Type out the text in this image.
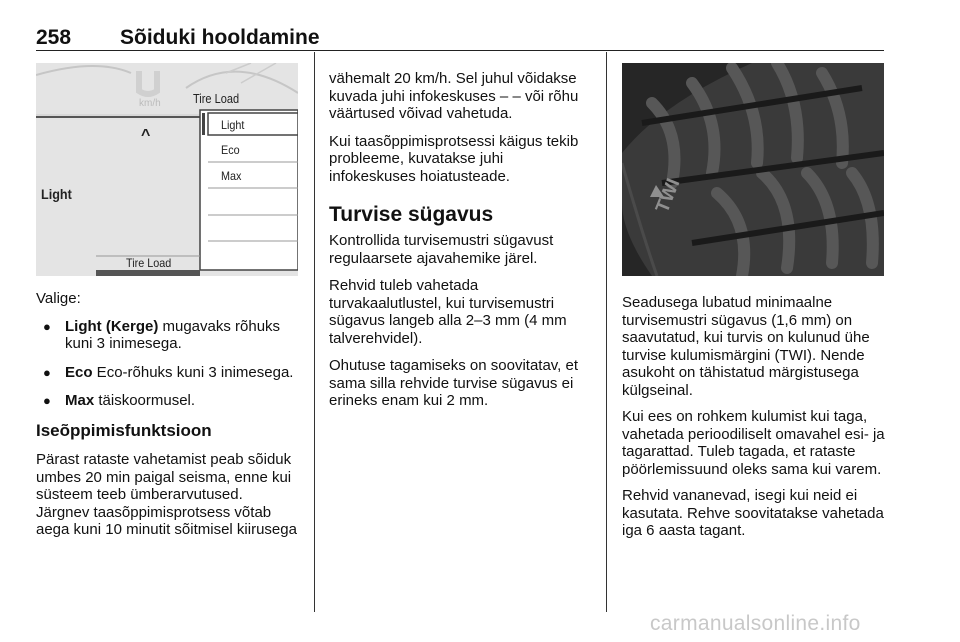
258 Sõiduki hooldamine
km/h	Tire Load
^
Light
Light
Eco
Max
Tire Load
TWI

Valige:

● Light (Kerge) mugavaks rõhuks kuni 3 inimesega.
● Eco Eco-rõhuks kuni 3 inimesega.
● Max täiskoormusel.
Iseõppimisfunktsioon

Pärast rataste vahetamist peab sõiduk umbes 20 min paigal seisma, enne kui süsteem teeb ümberarvutused. Järgnev taasõppimisprotsess võtab aega kuni 10 minutit sõitmisel kiirusega

vähemalt 20 km/h. Sel juhul võidakse kuvada juhi infokeskuses ‒ ‒ või rõhu väärtused võivad vahetuda.

Kui taasõppimisprotsessi käigus tekib probleeme, kuvatakse juhi infokeskuses hoiatusteade.

Turvise sügavus

Kontrollida turvisemustri sügavust regulaarsete ajavahemike järel.

Rehvid tuleb vahetada turvakaalutlustel, kui turvisemustri sügavus langeb alla 2–3 mm (4 mm talverehvidel).

Ohutuse tagamiseks on soovitatav, et sama silla rehvide turvise sügavus ei erineks enam kui 2 mm.

Seadusega lubatud minimaalne turvisemustri sügavus (1,6 mm) on saavutatud, kui turvis on kulunud ühe turvise kulumismärgini (TWI). Nende asukoht on tähistatud märgistusega külgseinal.

Kui ees on rohkem kulumist kui taga, vahetada perioodiliselt omavahel esi- ja tagarattad. Tuleb tagada, et rataste pöörlemissuund oleks sama kui varem.

Rehvid vananevad, isegi kui neid ei kasutata. Rehve soovitatakse vahetada iga 6 aasta tagant.

carmanualsonline.info
